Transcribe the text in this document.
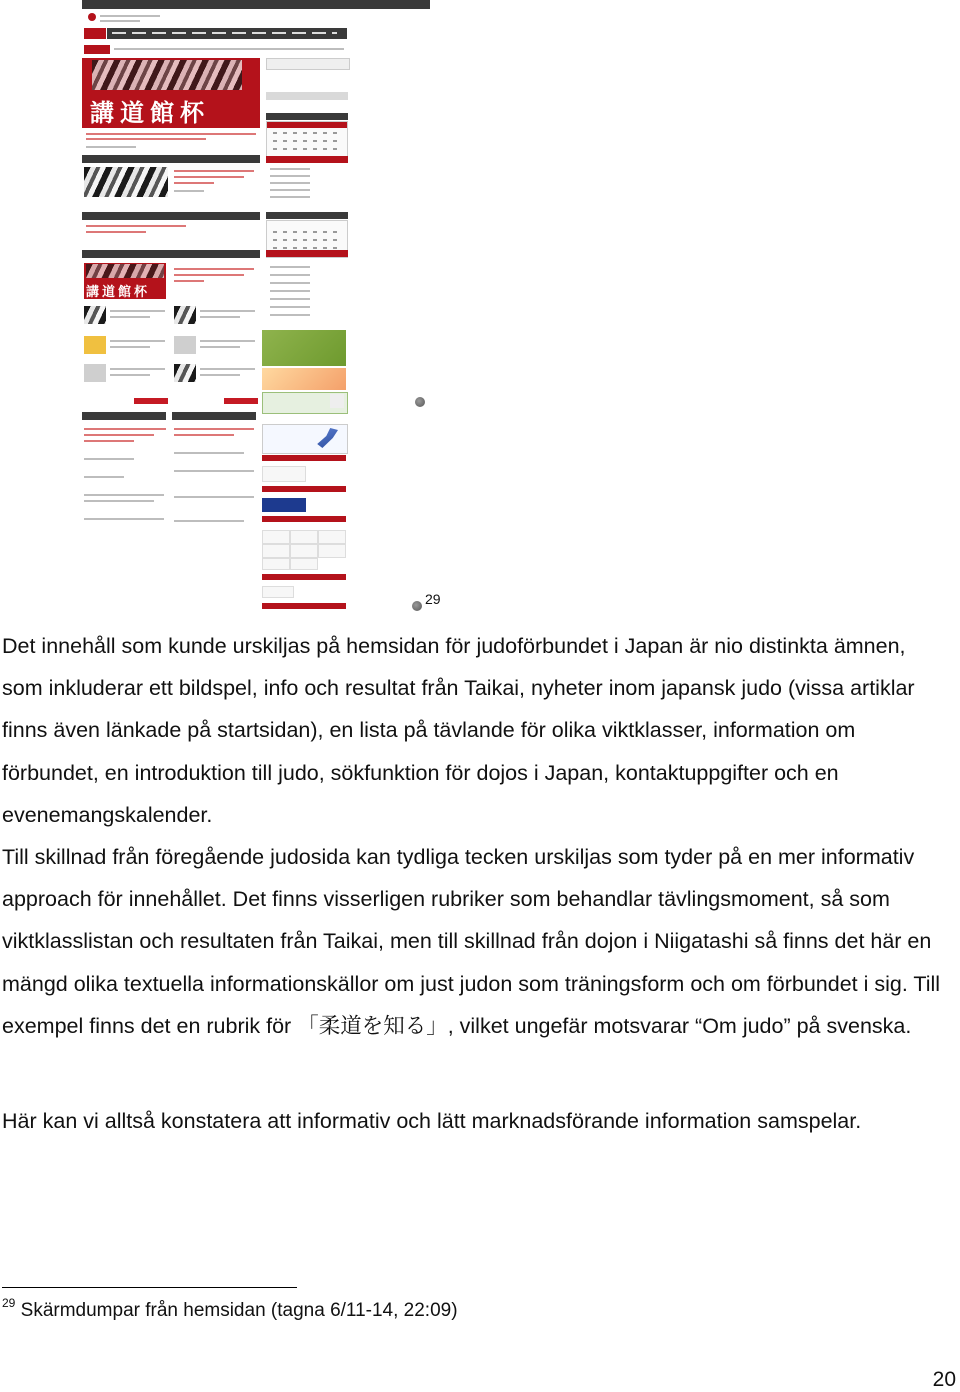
講道館杯
講道館杯
29

Det innehåll som kunde urskiljas på hemsidan för judoförbundet i Japan är nio distinkta ämnen, som inkluderar ett bildspel, info och resultat från Taikai, nyheter inom japansk judo (vissa artiklar finns även länkade på startsidan), en lista på tävlande för olika viktklasser, information om förbundet, en introduktion till judo, sökfunktion för dojos i Japan, kontaktuppgifter och en evenemangskalender.

Till skillnad från föregående judosida kan tydliga tecken urskiljas som tyder på en mer informativ approach för innehållet. Det finns visserligen rubriker som behandlar tävlingsmoment, så som viktklasslistan och resultaten från Taikai, men till skillnad från dojon i Niigatashi så finns det här en mängd olika textuella informationskällor om just judon som träningsform och om förbundet i sig. Till exempel finns det en rubrik för 「柔道を知る」, vilket ungefär motsvarar “Om judo” på svenska.

Här kan vi alltså konstatera att informativ och lätt marknadsförande information samspelar.

$^{29}$ Skärmdumpar från hemsidan (tagna 6/11-14, 22:09)
20
